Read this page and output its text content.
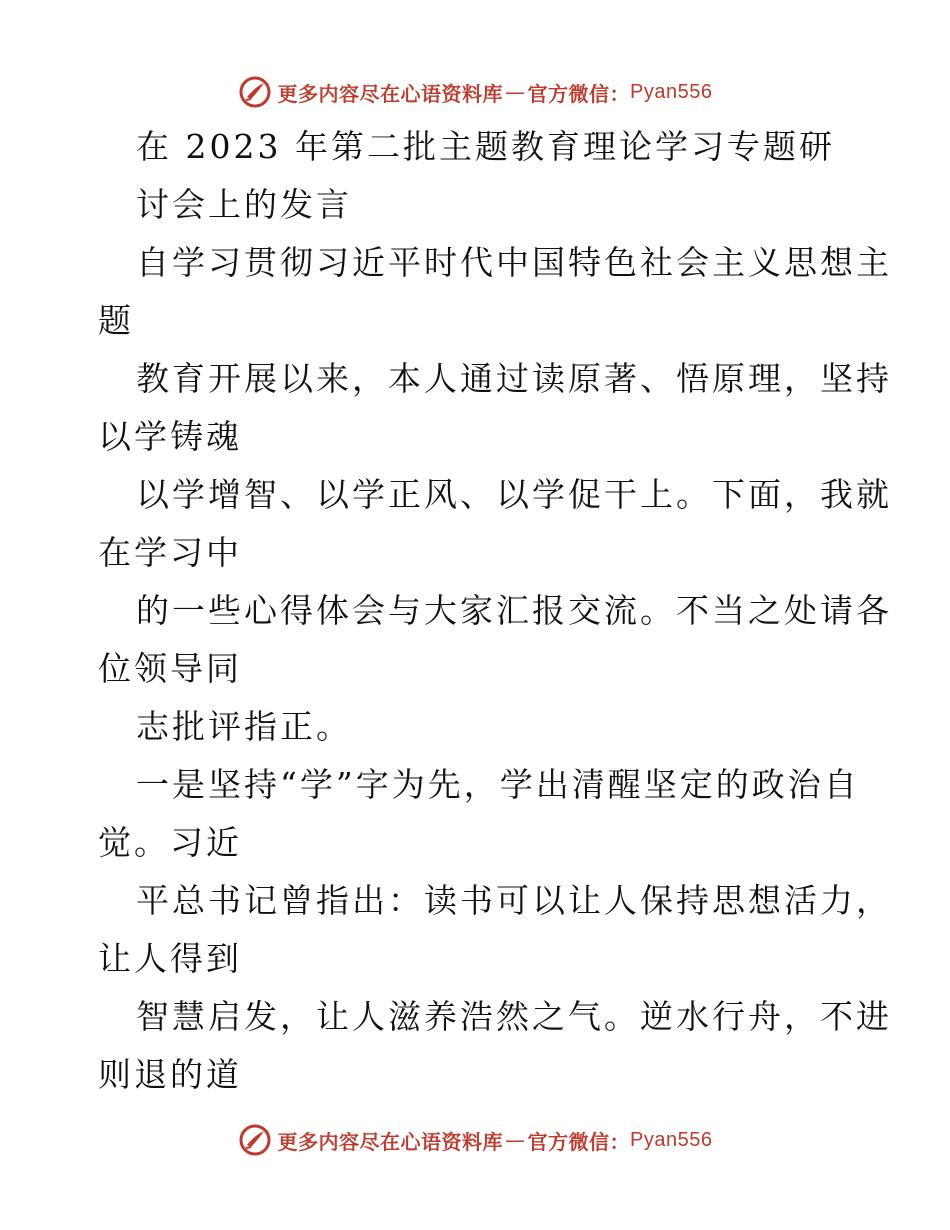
更多内容尽在心语资料库 — 官方微信： Pyan556
在 2023 年第二批主题教育理论学习专题研
讨会上的发言
自学习贯彻习近平时代中国特色社会主义思想主
题
教育开展以来，本人通过读原著、悟原理，坚持
以学铸魂
以学增智、以学正风、以学促干上。下面，我就
在学习中
的一些心得体会与大家汇报交流。不当之处请各
位领导同
志批评指正。
一是坚持“学”字为先，学出清醒坚定的政治自
觉。习近
平总书记曾指出：读书可以让人保持思想活力，
让人得到
智慧启发，让人滋养浩然之气。逆水行舟，不进
则退的道
更多内容尽在心语资料库 — 官方微信： Pyan556
